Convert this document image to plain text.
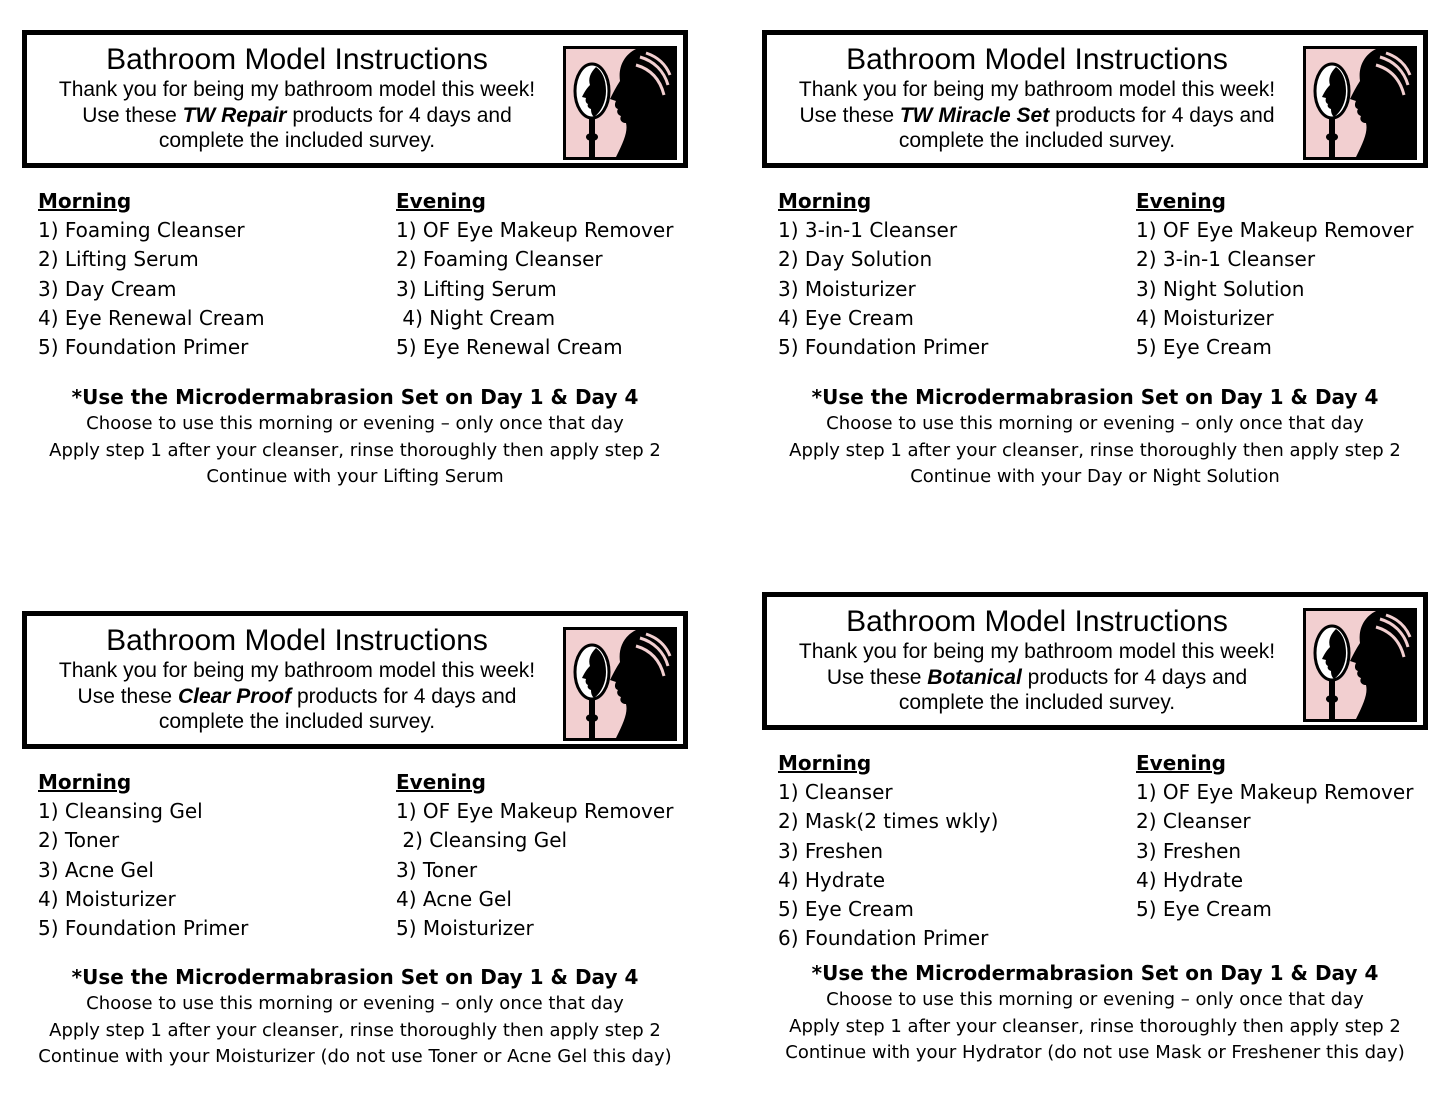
Bathroom Model Instructions
Thank you for being my bathroom model this week!
Use these TW Repair products for 4 days and
complete the included survey.
Morning
1) Foaming Cleanser
2) Lifting Serum
3) Day Cream
4) Eye Renewal Cream
5) Foundation Primer
Evening
1) OF Eye Makeup Remover
2) Foaming Cleanser
3) Lifting Serum
4) Night Cream
5) Eye Renewal Cream
*Use the Microdermabrasion Set on Day 1 & Day 4
Choose to use this morning or evening – only once that day
Apply step 1 after your cleanser, rinse thoroughly then apply step 2
Continue with your Lifting Serum
Bathroom Model Instructions
Thank you for being my bathroom model this week!
Use these TW Miracle Set products for 4 days and
complete the included survey.
Morning
1) 3-in-1 Cleanser
2) Day Solution
3) Moisturizer
4) Eye Cream
5) Foundation Primer
Evening
1) OF Eye Makeup Remover
2) 3-in-1 Cleanser
3) Night Solution
4) Moisturizer
5) Eye Cream
*Use the Microdermabrasion Set on Day 1 & Day 4
Choose to use this morning or evening – only once that day
Apply step 1 after your cleanser, rinse thoroughly then apply step 2
Continue with your Day or Night Solution
Bathroom Model Instructions
Thank you for being my bathroom model this week!
Use these Clear Proof products for 4 days and
complete the included survey.
Morning
1) Cleansing Gel
2) Toner
3) Acne Gel
4) Moisturizer
5) Foundation Primer
Evening
1) OF Eye Makeup Remover
2) Cleansing Gel
3) Toner
4) Acne Gel
5) Moisturizer
*Use the Microdermabrasion Set on Day 1 & Day 4
Choose to use this morning or evening – only once that day
Apply step 1 after your cleanser, rinse thoroughly then apply step 2
Continue with your Moisturizer (do not use Toner or Acne Gel this day)
Bathroom Model Instructions
Thank you for being my bathroom model this week!
Use these Botanical products for 4 days and
complete the included survey.
Morning
1) Cleanser
2) Mask(2 times wkly)
3) Freshen
4) Hydrate
5) Eye Cream
6) Foundation Primer
Evening
1) OF Eye Makeup Remover
2) Cleanser
3) Freshen
4) Hydrate
5) Eye Cream
*Use the Microdermabrasion Set on Day 1 & Day 4
Choose to use this morning or evening – only once that day
Apply step 1 after your cleanser, rinse thoroughly then apply step 2
Continue with your Hydrator (do not use Mask or Freshener this day)
